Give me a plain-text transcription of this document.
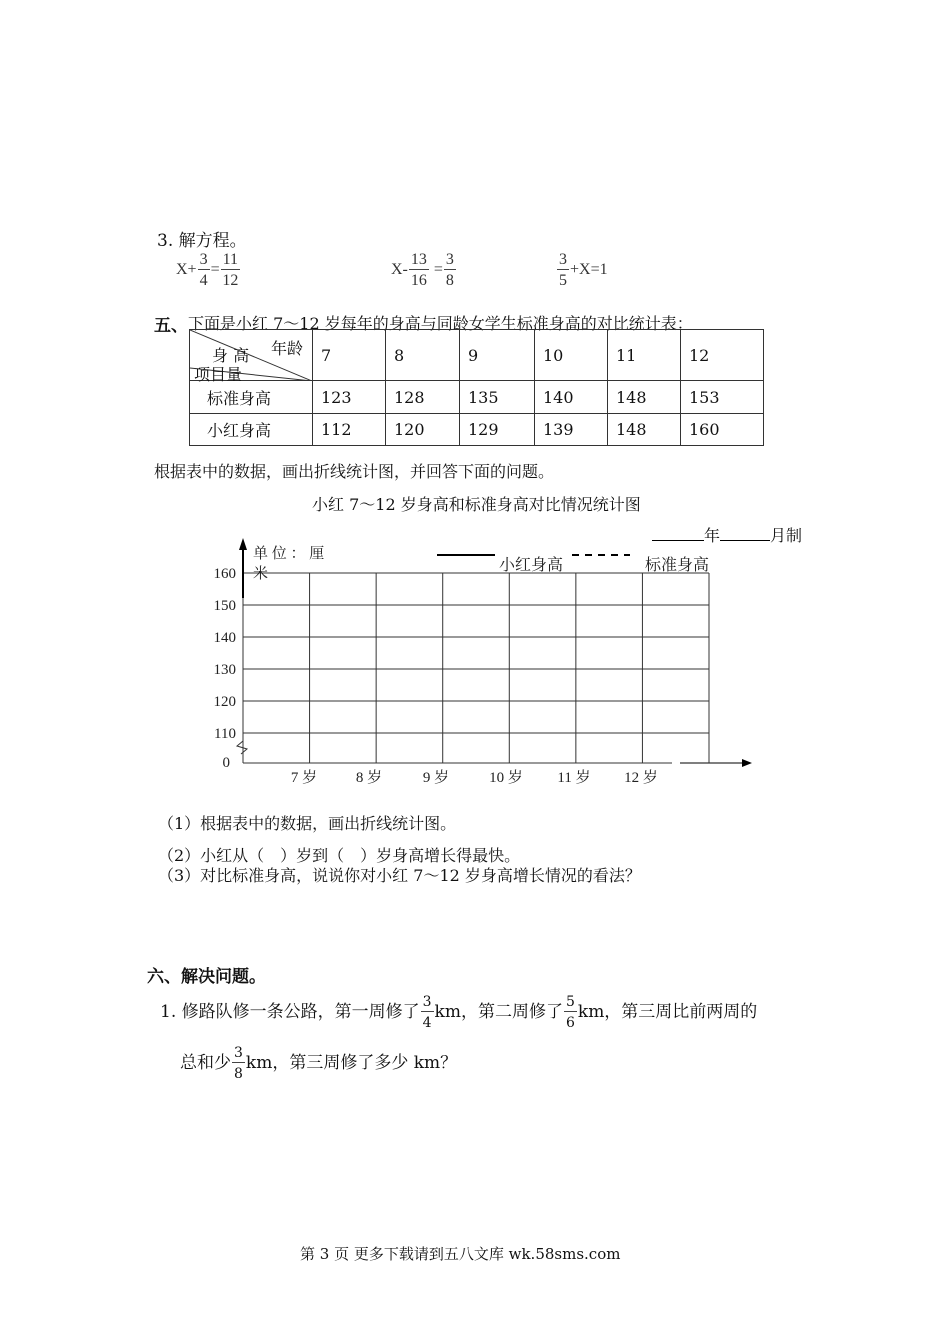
3. 解方程。
$X+ \frac{3}{4} = \frac{11}{12}$	$X- \frac{13}{16} = \frac{3}{8}$	$\frac{3}{5} +X=1$
五、 下面是小红 7～12 岁每年的身高与同龄女学生标准身高的对比统计表：
年龄
身 高
项目量	7	8	9	10	11	12
标准身高	123	128	135	140	148	153
小红身高	112	120	129	139	148	160
根据表中的数据，画出折线统计图，并回答下面的问题。
小红 7～12 岁身高和标准身高对比情况统计图
年	月制
0
110
120
130
140
150
160
7 岁	8 岁	9 岁	10 岁 11 岁 12 岁
单 位 ： 厘
米	小红身高	标准身高
（1）根据表中的数据，画出折线统计图。
（2）小红从（　）岁到（　）岁身高增长得最快。
（3）对比标准身高，说说你对小红 7～12 岁身高增长情况的看法？
六、解决问题。
1. 修路队修一条公路，第一周修了 $\frac{3}{4}$ km，第二周修了 $\frac{5}{6}$ km，第三周比前两周的
总和少 $\frac{3}{8}$ km，第三周修了多少 km？
第 3 页 更多下载请到五八文库 wk.58sms.com
